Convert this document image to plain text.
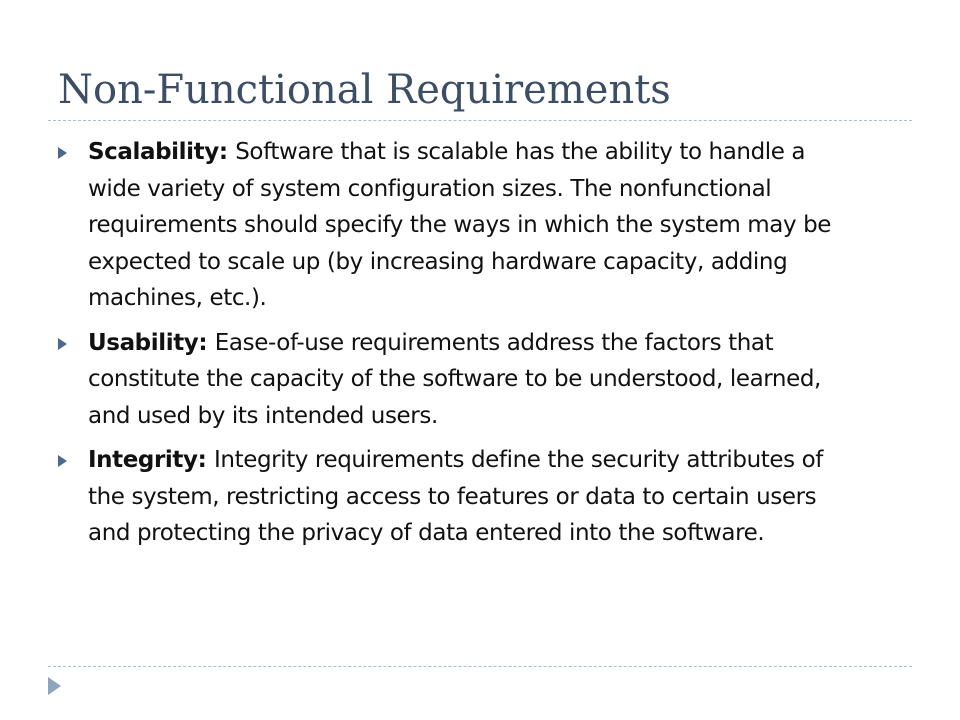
Non-Functional Requirements
Scalability: Software that is scalable has the ability to handle a wide variety of system configuration sizes. The nonfunctional requirements should specify the ways in which the system may be expected to scale up (by increasing hardware capacity, adding machines, etc.).
Usability: Ease-of-use requirements address the factors that constitute the capacity of the software to be understood, learned, and used by its intended users.
Integrity: Integrity requirements define the security attributes of the system, restricting access to features or data to certain users and protecting the privacy of data entered into the software.
